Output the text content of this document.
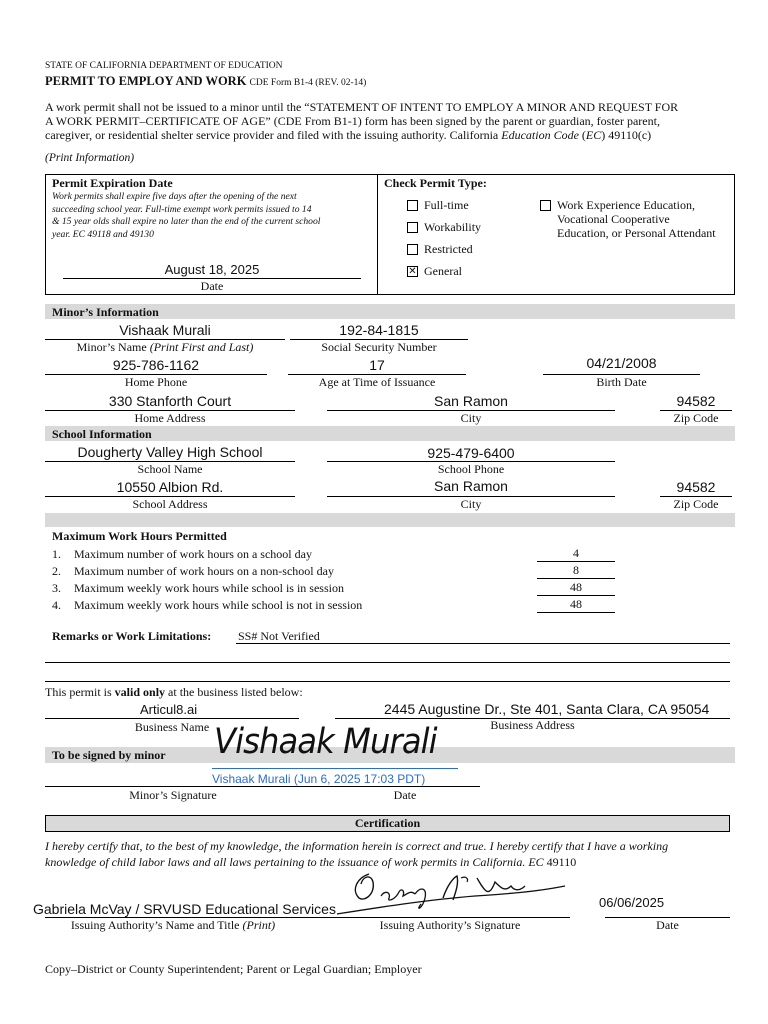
STATE OF CALIFORNIA DEPARTMENT OF EDUCATION
PERMIT TO EMPLOY AND WORK CDE Form B1-4 (REV. 02-14)
A work permit shall not be issued to a minor until the “STATEMENT OF INTENT TO EMPLOY A MINOR AND REQUEST FOR
A WORK PERMIT–CERTIFICATE OF AGE” (CDE From B1-1) form has been signed by the parent or guardian, foster parent,
caregiver, or residential shelter service provider and filed with the issuing authority. California Education Code (EC) 49110(c)
(Print Information)
Permit Expiration Date
Work permits shall expire five days after the opening of the next
succeeding school year. Full-time exempt work permits issued to 14
& 15 year olds shall expire no later than the end of the current school
year. EC 49118 and 49130
August 18, 2025
Date
Check Permit Type:
Full-time
Workability
Restricted
✕ General
Work Experience Education,
Vocational Cooperative
Education, or Personal Attendant
Minor’s Information
Vishaak Murali
Minor’s Name (Print First and Last)
192-84-1815
Social Security Number
925-786-1162
Home Phone
17
Age at Time of Issuance
04/21/2008
Birth Date
330 Stanforth Court
Home Address
San Ramon
City
94582
Zip Code
School Information
Dougherty Valley High School
School Name
925-479-6400
School Phone
10550 Albion Rd.
School Address
San Ramon
City
94582
Zip Code
Maximum Work Hours Permitted
1. Maximum number of work hours on a school day	4
2. Maximum number of work hours on a non-school day	8
3. Maximum weekly work hours while school is in session	48
4. Maximum weekly work hours while school is not in session	48
Remarks or Work Limitations: SS# Not Verified
This permit is valid only at the business listed below:
Articul8.ai
Business Name
2445 Augustine Dr., Ste 401, Santa Clara, CA 95054
Business Address
To be signed by minor Vishaak Murali
Vishaak Murali (Jun 6, 2025 17:03 PDT)
Minor’s Signature	Date
Certification
I hereby certify that, to the best of my knowledge, the information herein is correct and true. I hereby certify that I have a working
knowledge of child labor laws and all laws pertaining to the issuance of work permits in California. EC 49110
Gabriela McVay / SRVUSD Educational Services
Issuing Authority’s Name and Title (Print)	Issuing Authority’s Signature
06/06/2025
Date
Copy–District or County Superintendent; Parent or Legal Guardian; Employer
